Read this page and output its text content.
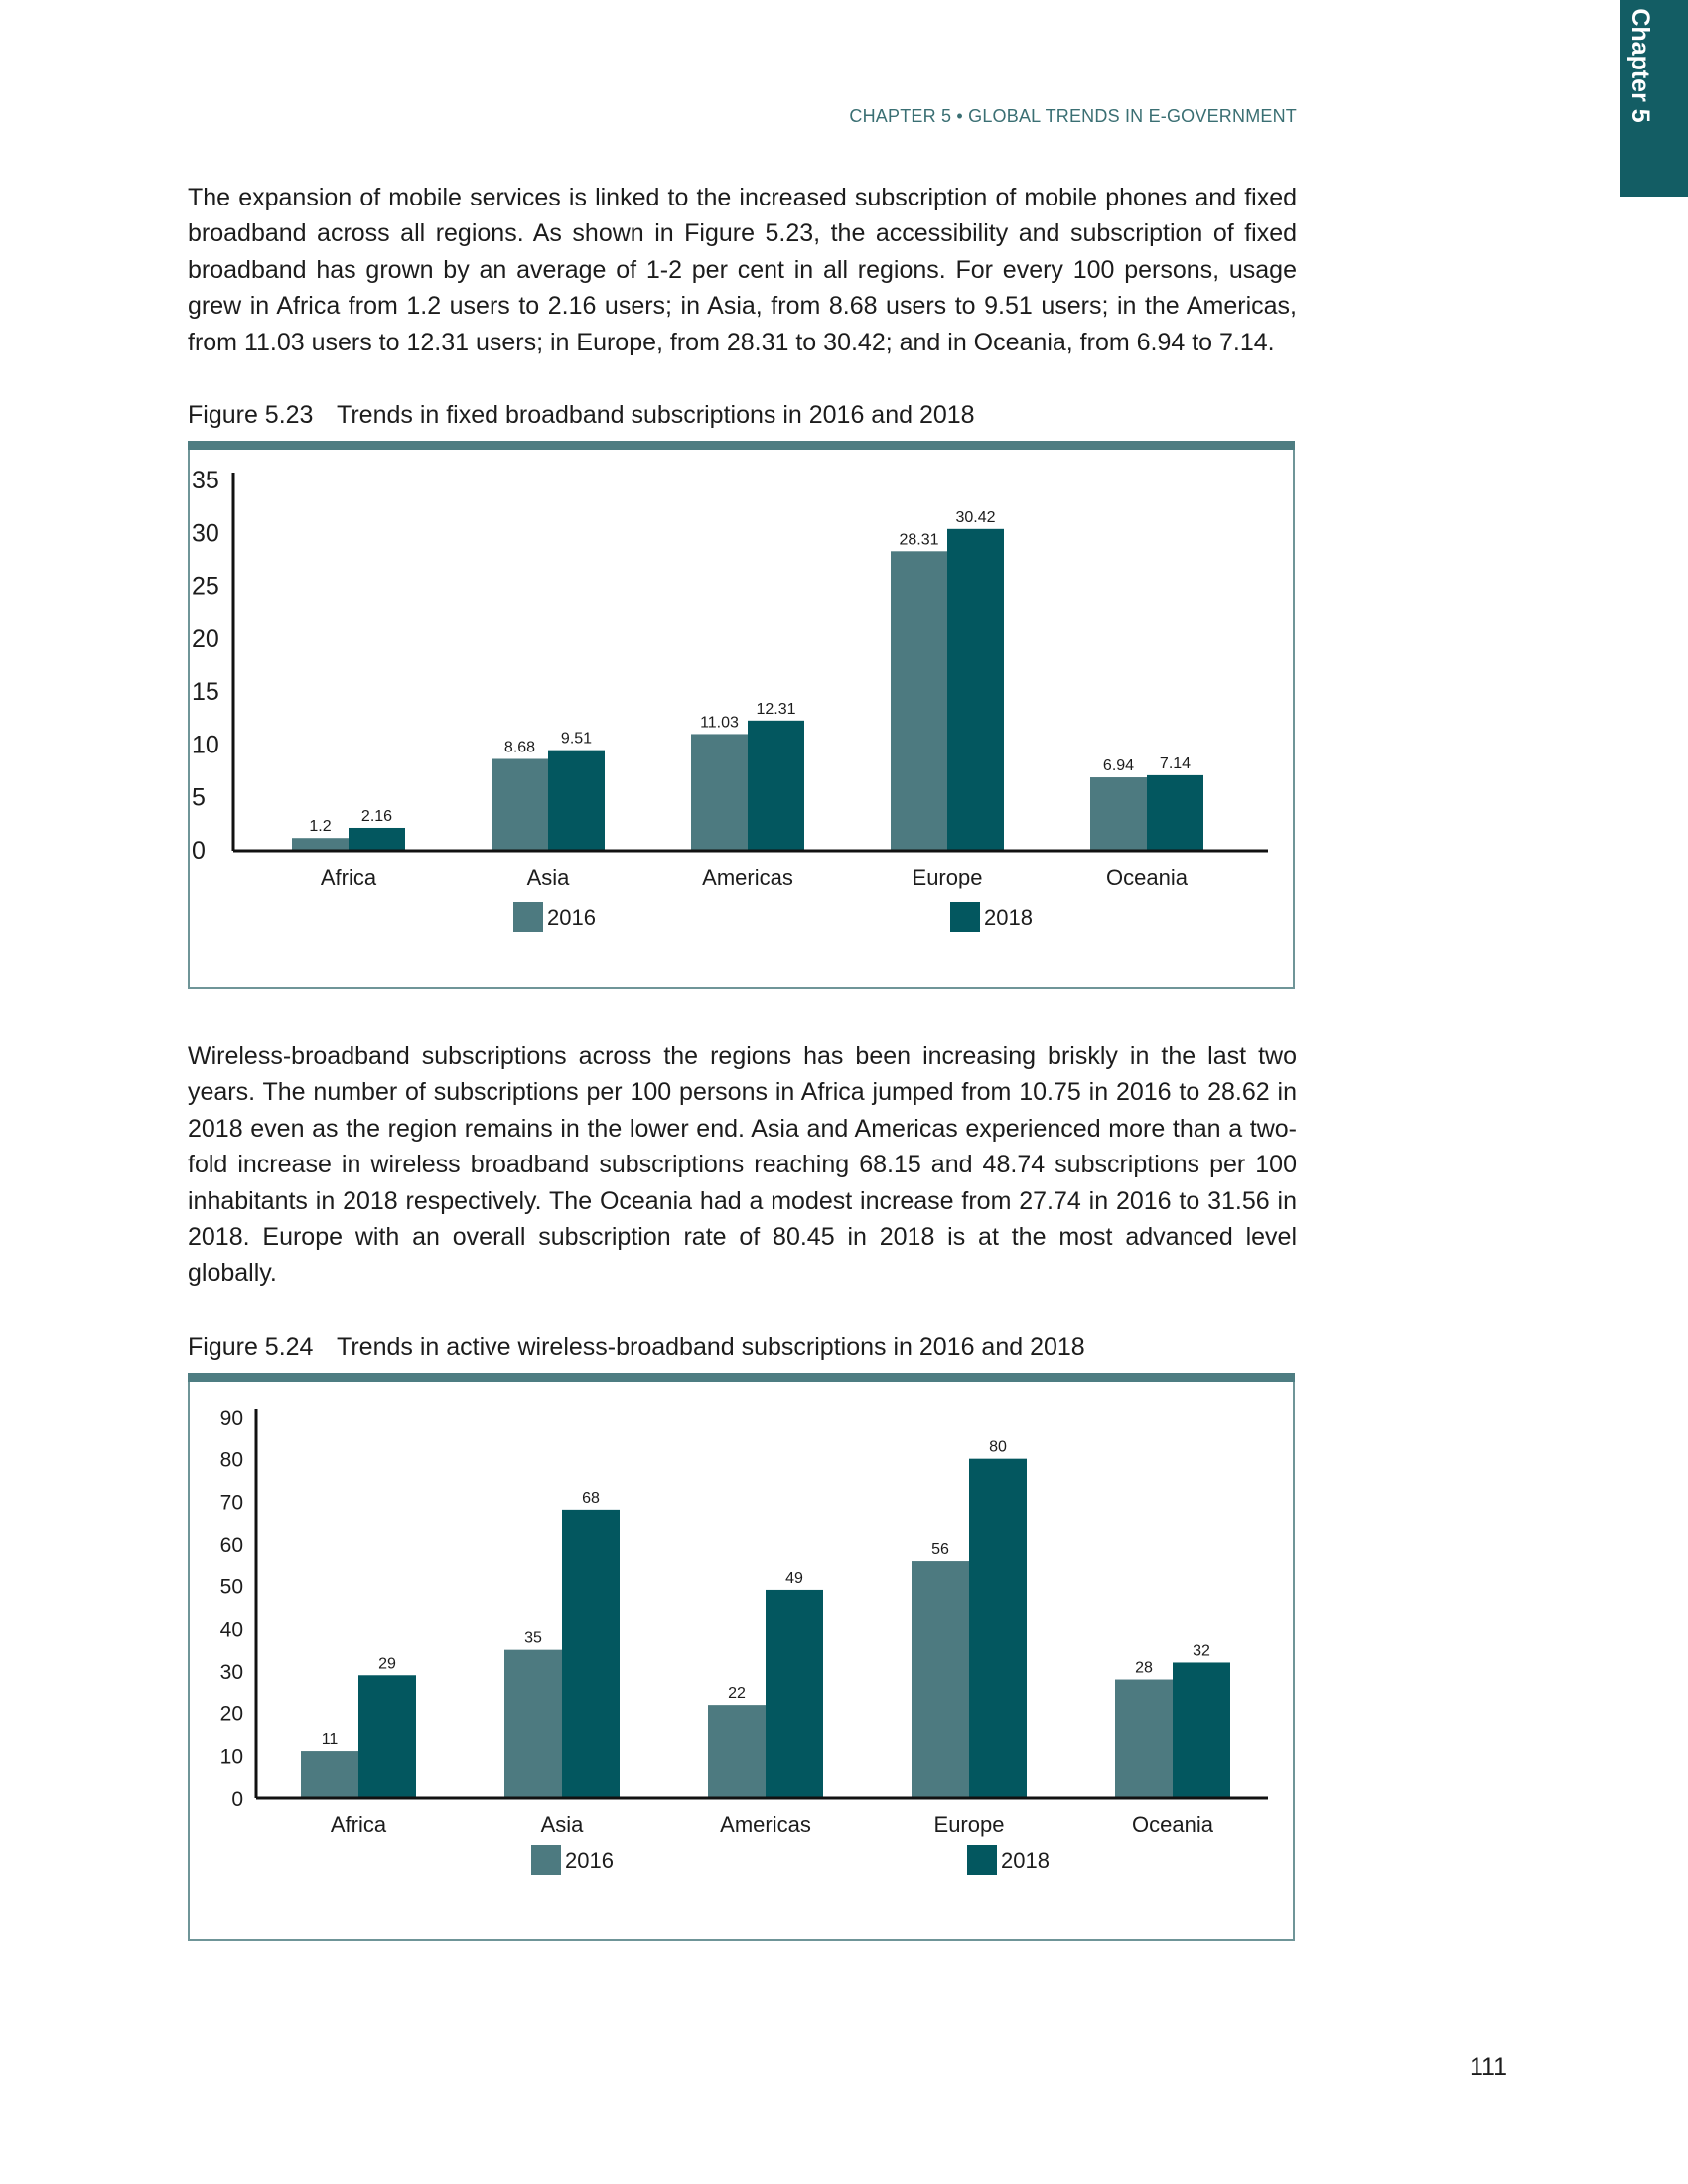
Chapter 5
CHAPTER 5 • GLOBAL TRENDS IN E-GOVERNMENT

The expansion of mobile services is linked to the increased subscription of mobile phones and fixed broadband across all regions. As shown in Figure 5.23, the accessibility and subscription of fixed broadband has grown by an average of 1-2 per cent in all regions. For every 100 persons, usage grew in Africa from 1.2 users to 2.16 users; in Asia, from 8.68 users to 9.51 users; in the Americas, from 11.03 users to 12.31 users; in Europe, from 28.31 to 30.42; and in Oceania, from 6.94 to 7.14.

Figure 5.23 Trends in fixed broadband subscriptions in 2016 and 2018

0
5
10
15
20
25
30
35
1.2
2.16
Africa
8.68
9.51
Asia
11.03
12.31
Americas
28.31
30.42
Europe
6.94 7.14
Oceania
2016	2018

Wireless-broadband subscriptions across the regions has been increasing briskly in the last two years. The number of subscriptions per 100 persons in Africa jumped from 10.75 in 2016 to 28.62 in 2018 even as the region remains in the lower end. Asia and Americas experienced more than a two-fold increase in wireless broadband subscriptions reaching 68.15 and 48.74 subscriptions per 100 inhabitants in 2018 respectively. The Oceania had a modest increase from 27.74 in 2016 to 31.56 in 2018. Europe with an overall subscription rate of 80.45 in 2018 is at the most advanced level globally.

Figure 5.24 Trends in active wireless-broadband subscriptions in 2016 and 2018

0
10
20
30
40
50
60
70
80
90
11
29
Africa
35
68
Asia
22
49
Americas
56
80
Europe
28
32
Oceania
2016	2018
111
